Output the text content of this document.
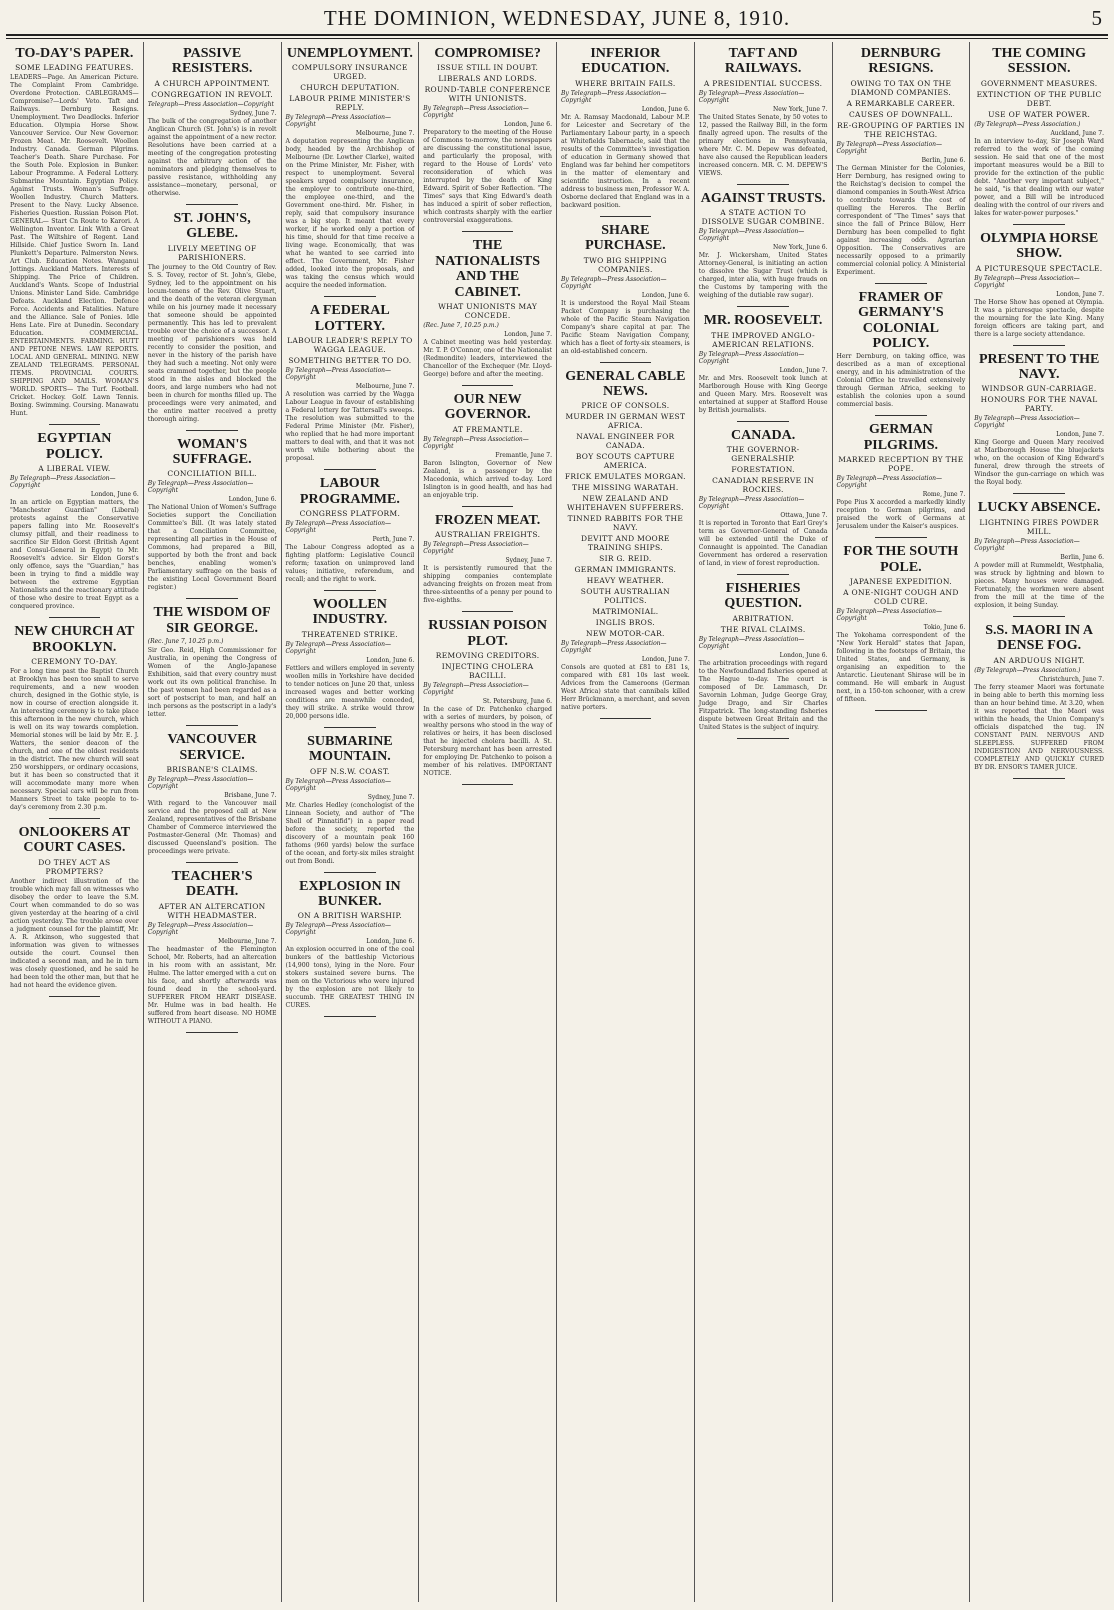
THE DOMINION, WEDNESDAY, JUNE 8, 1910.	5
TO-DAY'S PAPER.
SOME LEADING FEATURES.

LEADERS—Page. An American Picture. The Complaint From Cambridge. Overdone Protection. CABLEGRAMS— Compromise?—Lords' Veto. Taft and Railways. Dernburg Resigns. Unemployment. Two Deadlocks. Inferior Education. Olympia Horse Show. Vancouver Service. Our New Governor. Frozen Meat. Mr. Roosevelt. Woollen Industry. Canada. German Pilgrims. Teacher's Death. Share Purchase. For the South Pole. Explosion in Bunker. Labour Programme. A Federal Lottery. Submarine Mountain. Egyptian Policy. Against Trusts. Woman's Suffrage. Woollen Industry. Church Matters. Present to the Navy. Lucky Absence. Fisheries Question. Russian Poison Plot. GENERAL— Start Cn Route to Karori. A Wellington Inventor. Link With a Great Past. The Wiltshire of Regent. Land Hillside. Chief Justice Sworn In. Land Plunkett's Departure. Palmerston News. Art Club. Education Notes. Wanganui Jottings. Auckland Matters. Interests of Shipping. The Price of Children. Auckland's Wants. Scope of Industrial Unions. Minister Land Side. Cambridge Defeats. Auckland Election. Defence Force. Accidents and Fatalities. Nature and the Alliance. Sale of Ponies. Idle Hens Late. Fire at Dunedin. Secondary Education. COMMERCIAL. ENTERTAINMENTS. FARMING. HUTT AND PETONE NEWS. LAW REPORTS. LOCAL AND GENERAL. MINING. NEW ZEALAND TELEGRAMS. PERSONAL ITEMS. PROVINCIAL COURTS. SHIPPING AND MAILS. WOMAN'S WORLD. SPORTS— The Turf. Football. Cricket. Hockey. Golf. Lawn Tennis. Boxing. Swimming. Coursing. Manawatu Hunt.

EGYPTIAN POLICY.
A LIBERAL VIEW.
By Telegraph—Press Association—Copyright
London, June 6.

In an article on Egyptian matters, the "Manchester Guardian" (Liberal) protests against the Conservative papers falling into Mr. Roosevelt's clumsy pitfall, and their readiness to sacrifice Sir Eldon Gorst (British Agent and Consul-General in Egypt) to Mr. Roosevelt's advice. Sir Eldon Gorst's only offence, says the "Guardian," has been in trying to find a middle way between the extreme Egyptian Nationalists and the reactionary attitude of those who desire to treat Egypt as a conquered province.

NEW CHURCH AT BROOKLYN.
CEREMONY TO-DAY.

For a long time past the Baptist Church at Brooklyn has been too small to serve requirements, and a new wooden church, designed in the Gothic style, is now in course of erection alongside it. An interesting ceremony is to take place this afternoon in the new church, which is well on its way towards completion. Memorial stones will be laid by Mr. E. J. Watters, the senior deacon of the church, and one of the oldest residents in the district. The new church will seat 250 worshippers, or ordinary occasions, but it has been so constructed that it will accommodate many more when necessary. Special cars will be run from Manners Street to take people to to-day's ceremony from 2.30 p.m.

ONLOOKERS AT COURT CASES.
DO THEY ACT AS PROMPTERS?

Another indirect illustration of the trouble which may fall on witnesses who disobey the order to leave the S.M. Court when commanded to do so was given yesterday at the hearing of a civil action yesterday. The trouble arose over a judgment counsel for the plaintiff, Mr. A. R. Atkinson, who suggested that information was given to witnesses outside the court. Counsel then indicated a second man, and he in turn was closely questioned, and he said he had been told the other man, but that he had not heard the evidence given.

PASSIVE RESISTERS.
A CHURCH APPOINTMENT.
CONGREGATION IN REVOLT.
Telegraph—Press Association—Copyright
Sydney, June 7.

The bulk of the congregation of another Anglican Church (St. John's) is in revolt against the appointment of a new rector. Resolutions have been carried at a meeting of the congregation protesting against the arbitrary action of the nominators and pledging themselves to passive resistance, withholding any assistance—monetary, personal, or otherwise.

ST. JOHN'S, GLEBE.
LIVELY MEETING OF PARISHIONERS.

The journey to the Old Country of Rev. S. S. Tovey, rector of St. John's, Glebe, Sydney, led to the appointment on his locum-tenens of the Rev. Olive Stuart, and the death of the veteran clergyman while on his journey made it necessary that someone should be appointed permanently. This has led to prevalent trouble over the choice of a successor. A meeting of parishioners was held recently to consider the position, and never in the history of the parish have they had such a meeting. Not only were seats crammed together, but the people stood in the aisles and blocked the doors, and large numbers who had not been in church for months filled up. The proceedings were very animated, and the entire matter received a pretty thorough airing.

WOMAN'S SUFFRAGE.
CONCILIATION BILL.
By Telegraph—Press Association—Copyright
London, June 6.

The National Union of Women's Suffrage Societies support the Conciliation Committee's Bill. (It was lately stated that a Conciliation Committee, representing all parties in the House of Commons, had prepared a Bill, supported by both the front and back benches, enabling women's Parliamentary suffrage on the basis of the existing Local Government Board register.)

THE WISDOM OF SIR GEORGE.
(Rec. June 7, 10.25 p.m.)

Sir Geo. Reid, High Commissioner for Australia, in opening the Congress of Women of the Anglo-Japanese Exhibition, said that every country must work out its own political franchise. In the past women had been regarded as a sort of postscript to man, and half an inch persons as the postscript in a lady's letter.

VANCOUVER SERVICE.
BRISBANE'S CLAIMS.
By Telegraph—Press Association—Copyright
Brisbane, June 7.

With regard to the Vancouver mail service and the proposed call at New Zealand, representatives of the Brisbane Chamber of Commerce interviewed the Postmaster-General (Mr. Thomas) and discussed Queensland's position. The proceedings were private.

TEACHER'S DEATH.
AFTER AN ALTERCATION WITH HEADMASTER.
By Telegraph—Press Association—Copyright
Melbourne, June 7.

The headmaster of the Flemington School, Mr. Roberts, had an altercation in his room with an assistant, Mr. Hulme. The latter emerged with a cut on his face, and shortly afterwards was found dead in the school-yard. SUFFERER FROM HEART DISEASE. Mr. Hulme was in bad health. He suffered from heart disease. NO HOME WITHOUT A PIANO.

UNEMPLOYMENT.
COMPULSORY INSURANCE URGED.
CHURCH DEPUTATION.
LABOUR PRIME MINISTER'S REPLY.
By Telegraph—Press Association—Copyright
Melbourne, June 7.

A deputation representing the Anglican body, headed by the Archbishop of Melbourne (Dr. Lowther Clarke), waited on the Prime Minister, Mr. Fisher, with respect to unemployment. Several speakers urged compulsory insurance, the employer to contribute one-third, the employee one-third, and the Government one-third. Mr. Fisher, in reply, said that compulsory insurance was a big step. It meant that every worker, if he worked only a portion of his time, should for that time receive a living wage. Economically, that was what he wanted to see carried into effect. The Government, Mr. Fisher added, looked into the proposals, and was taking the census which would acquire the needed information.

A FEDERAL LOTTERY.
LABOUR LEADER'S REPLY TO WAGGA LEAGUE.
SOMETHING BETTER TO DO.
By Telegraph—Press Association—Copyright
Melbourne, June 7.

A resolution was carried by the Wagga Labour League in favour of establishing a Federal lottery for Tattersall's sweeps. The resolution was submitted to the Federal Prime Minister (Mr. Fisher), who replied that he had more important matters to deal with, and that it was not worth while bothering about the proposal.

LABOUR PROGRAMME.
CONGRESS PLATFORM.
By Telegraph—Press Association—Copyright
Perth, June 7.

The Labour Congress adopted as a fighting platform: Legislative Council reform; taxation on unimproved land values; initiative, referendum, and recall; and the right to work.

WOOLLEN INDUSTRY.
THREATENED STRIKE.
By Telegraph—Press Association—Copyright
London, June 6.

Fettlers and willers employed in seventy woollen mills in Yorkshire have decided to tender notices on June 20 that, unless increased wages and better working conditions are meanwhile conceded, they will strike. A strike would throw 20,000 persons idle.

SUBMARINE MOUNTAIN.
OFF N.S.W. COAST.
By Telegraph—Press Association—Copyright
Sydney, June 7.

Mr. Charles Hedley (conchologist of the Linnean Society, and author of "The Shell of Pinnatifid") in a paper read before the society, reported the discovery of a mountain peak 160 fathoms (960 yards) below the surface of the ocean, and forty-six miles straight out from Bondi.

EXPLOSION IN BUNKER.
ON A BRITISH WARSHIP.
By Telegraph—Press Association—Copyright
London, June 6.

An explosion occurred in one of the coal bunkers of the battleship Victorious (14,900 tons), lying in the Nore. Four stokers sustained severe burns. The men on the Victorious who were injured by the explosion are not likely to succumb. THE GREATEST THING IN CURES.

COMPROMISE?
ISSUE STILL IN DOUBT.
LIBERALS AND LORDS.
ROUND-TABLE CONFERENCE WITH UNIONISTS.
By Telegraph—Press Association—Copyright
London, June 6.

Preparatory to the meeting of the House of Commons to-morrow, the newspapers are discussing the constitutional issue, and particularly the proposal, with regard to the House of Lords' veto reconsideration of which was interrupted by the death of King Edward. Spirit of Sober Reflection. "The Times" says that King Edward's death has induced a spirit of sober reflection, which contrasts sharply with the earlier controversial exaggerations.

THE NATIONALISTS AND THE CABINET.
WHAT UNIONISTS MAY CONCEDE.
(Rec. June 7, 10.25 p.m.)
London, June 7.

A Cabinet meeting was held yesterday. Mr. T. P. O'Connor, one of the Nationalist (Redmondite) leaders, interviewed the Chancellor of the Exchequer (Mr. Lloyd-George) before and after the meeting.

OUR NEW GOVERNOR.
AT FREMANTLE.
By Telegraph—Press Association—Copyright
Fremantle, June 7.

Baron Islington, Governor of New Zealand, is a passenger by the Macedonia, which arrived to-day. Lord Islington is in good health, and has had an enjoyable trip.

FROZEN MEAT.
AUSTRALIAN FREIGHTS.
By Telegraph—Press Association—Copyright
Sydney, June 7.

It is persistently rumoured that the shipping companies contemplate advancing freights on frozen meat from three-sixteenths of a penny per pound to five-eighths.

RUSSIAN POISON PLOT.
REMOVING CREDITORS.
INJECTING CHOLERA BACILLI.
By Telegraph—Press Association—Copyright
St. Petersburg, June 6.

In the case of Dr. Patchenko charged with a series of murders, by poison, of wealthy persons who stood in the way of relatives or heirs, it has been disclosed that he injected cholera bacilli. A St. Petersburg merchant has been arrested for employing Dr. Patchenko to poison a member of his relatives. IMPORTANT NOTICE.

INFERIOR EDUCATION.
WHERE BRITAIN FAILS.
By Telegraph—Press Association—Copyright
London, June 6.

Mr. A. Ramsay Macdonald, Labour M.P. for Leicester and Secretary of the Parliamentary Labour party, in a speech at Whitefields Tabernacle, said that the results of the Committee's investigation of education in Germany showed that England was far behind her competitors in the matter of elementary and scientific instruction. In a recent address to business men, Professor W. A. Osborne declared that England was in a backward position.

SHARE PURCHASE.
TWO BIG SHIPPING COMPANIES.
By Telegraph—Press Association—Copyright
London, June 6.

It is understood the Royal Mail Steam Packet Company is purchasing the whole of the Pacific Steam Navigation Company's share capital at par. The Pacific Steam Navigation Company, which has a fleet of forty-six steamers, is an old-established concern.

GENERAL CABLE NEWS.
PRICE OF CONSOLS.
MURDER IN GERMAN WEST AFRICA.
NAVAL ENGINEER FOR CANADA.
BOY SCOUTS CAPTURE AMERICA.
FRICK EMULATES MORGAN.
THE MISSING WARATAH.
NEW ZEALAND AND WHITEHAVEN SUFFERERS.
TINNED RABBITS FOR THE NAVY.
DEVITT AND MOORE TRAINING SHIPS.
SIR G. REID.
GERMAN IMMIGRANTS.
HEAVY WEATHER.
SOUTH AUSTRALIAN POLITICS.
MATRIMONIAL.
INGLIS BROS.
NEW MOTOR-CAR.
By Telegraph—Press Association—Copyright
London, June 7.

Consols are quoted at £81 to £81 1s, compared with £81 10s last week. Advices from the Cameroons (German West Africa) state that cannibals killed Herr Brückmann, a merchant, and seven native porters.

TAFT AND RAILWAYS.
A PRESIDENTIAL SUCCESS.
By Telegraph—Press Association—Copyright
New York, June 7.

The United States Senate, by 50 votes to 12, passed the Railway Bill, in the form finally agreed upon. The results of the primary elections in Pennsylvania, where Mr. C. M. Depew was defeated, have also caused the Republican leaders increased concern. MR. C. M. DEPEW'S VIEWS.

AGAINST TRUSTS.
A STATE ACTION TO DISSOLVE SUGAR COMBINE.
By Telegraph—Press Association—Copyright
New York, June 6.

Mr. J. Wickersham, United States Attorney-General, is initiating an action to dissolve the Sugar Trust (which is charged, inter alia, with huge frauds on the Customs by tampering with the weighing of the dutiable raw sugar).

MR. ROOSEVELT.
THE IMPROVED ANGLO-AMERICAN RELATIONS.
By Telegraph—Press Association—Copyright
London, June 7.

Mr. and Mrs. Roosevelt took lunch at Marlborough House with King George and Queen Mary. Mrs. Roosevelt was entertained at supper at Stafford House by British journalists.

CANADA.
THE GOVERNOR-GENERALSHIP.
FORESTATION.
CANADIAN RESERVE IN ROCKIES.
By Telegraph—Press Association—Copyright
Ottawa, June 7.

It is reported in Toronto that Earl Grey's term as Governor-General of Canada will be extended until the Duke of Connaught is appointed. The Canadian Government has ordered a reservation of land, in view of forest reproduction.

FISHERIES QUESTION.
ARBITRATION.
THE RIVAL CLAIMS.
By Telegraph—Press Association—Copyright
London, June 6.

The arbitration proceedings with regard to the Newfoundland fisheries opened at The Hague to-day. The court is composed of Dr. Lammasch, Dr. Savornin Lohman, Judge George Gray, Judge Drago, and Sir Charles Fitzpatrick. The long-standing fisheries dispute between Great Britain and the United States is the subject of inquiry.

DERNBURG RESIGNS.
OWING TO TAX ON THE DIAMOND COMPANIES.
A REMARKABLE CAREER.
CAUSES OF DOWNFALL.
RE-GROUPING OF PARTIES IN THE REICHSTAG.
By Telegraph—Press Association—Copyright
Berlin, June 6.

The German Minister for the Colonies, Herr Dernburg, has resigned owing to the Reichstag's decision to compel the diamond companies in South-West Africa to contribute towards the cost of quelling the Hereros. The Berlin correspondent of "The Times" says that since the fall of Prince Bülow, Herr Dernburg has been compelled to fight against increasing odds. Agrarian Opposition. The Conservatives are necessarily opposed to a primarily commercial colonial policy. A Ministerial Experiment.

FRAMER OF GERMANY'S COLONIAL POLICY.

Herr Dernburg, on taking office, was described as a man of exceptional energy, and in his administration of the Colonial Office he travelled extensively through German Africa, seeking to establish the colonies upon a sound commercial basis.

GERMAN PILGRIMS.
MARKED RECEPTION BY THE POPE.
By Telegraph—Press Association—Copyright
Rome, June 7.

Pope Pius X accorded a markedly kindly reception to German pilgrims, and praised the work of Germans at Jerusalem under the Kaiser's auspices.

FOR THE SOUTH POLE.
JAPANESE EXPEDITION.
A ONE-NIGHT COUGH AND COLD CURE.
By Telegraph—Press Association—Copyright
Tokio, June 6.

The Yokohama correspondent of the "New York Herald" states that Japan, following in the footsteps of Britain, the United States, and Germany, is organising an expedition to the Antarctic. Lieutenant Shirase will be in command. He will embark in August next, in a 150-ton schooner, with a crew of fifteen.

THE COMING SESSION.
GOVERNMENT MEASURES.
EXTINCTION OF THE PUBLIC DEBT.
USE OF WATER POWER.
(By Telegraph—Press Association.)
Auckland, June 7.

In an interview to-day, Sir Joseph Ward referred to the work of the coming session. He said that one of the most important measures would be a Bill to provide for the extinction of the public debt. "Another very important subject," he said, "is that dealing with our water power, and a Bill will be introduced dealing with the control of our rivers and lakes for water-power purposes."

OLYMPIA HORSE SHOW.
A PICTURESQUE SPECTACLE.
By Telegraph—Press Association—Copyright
London, June 7.

The Horse Show has opened at Olympia. It was a picturesque spectacle, despite the mourning for the late King. Many foreign officers are taking part, and there is a large society attendance.

PRESENT TO THE NAVY.
WINDSOR GUN-CARRIAGE.
HONOURS FOR THE NAVAL PARTY.
By Telegraph—Press Association—Copyright
London, June 7.

King George and Queen Mary received at Marlborough House the bluejackets who, on the occasion of King Edward's funeral, drew through the streets of Windsor the gun-carriage on which was the Royal body.

LUCKY ABSENCE.
LIGHTNING FIRES POWDER MILL.
By Telegraph—Press Association—Copyright
Berlin, June 6.

A powder mill at Rummeldt, Westphalia, was struck by lightning and blown to pieces. Many houses were damaged. Fortunately, the workmen were absent from the mill at the time of the explosion, it being Sunday.

S.S. MAORI IN A DENSE FOG.
AN ARDUOUS NIGHT.
(By Telegraph—Press Association.)
Christchurch, June 7.

The ferry steamer Maori was fortunate in being able to berth this morning less than an hour behind time. At 3.20, when it was reported that the Maori was within the heads, the Union Company's officials dispatched the tug. IN CONSTANT PAIN. NERVOUS AND SLEEPLESS. SUFFERED FROM INDIGESTION AND NERVOUSNESS. COMPLETELY AND QUICKLY CURED BY DR. ENSOR'S TAMER JUICE.
